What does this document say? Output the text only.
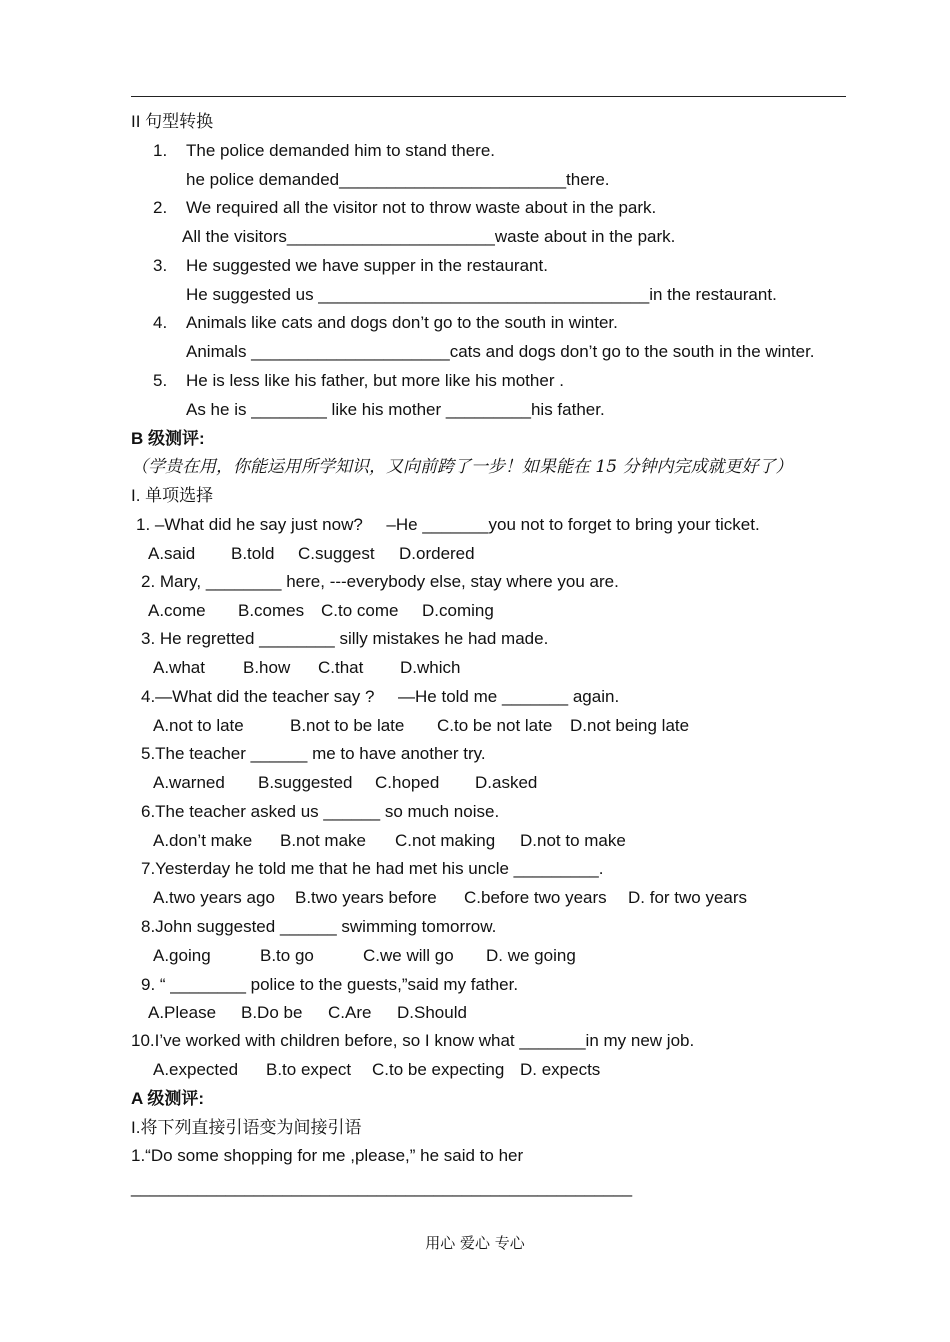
II 句型转换
1. The police demanded him to stand there.
he police demanded________________________there.
2. We required all the visitor not to throw waste about in the park.
All the visitors______________________waste about in the park.
3. He suggested we have supper in the restaurant.
He suggested us ___________________________________in the restaurant.
4. Animals like cats and dogs don’t go to the south in winter.
Animals _____________________cats and dogs don’t go to the south in the winter.
5. He is less like his father, but more like his mother .
As he is ________ like his mother _________his father.
B 级测评:
（学贵在用，你能运用所学知识，又向前跨了一步！如果能在 15 分钟内完成就更好了）
I. 单项选择
1. –What did he say just now?     –He _______you not to forget to bring your ticket.
A.said B.told C.suggest D.ordered
2. Mary, ________ here, ---everybody else, stay where you are.
A.come B.comes C.to come D.coming
3. He regretted ________ silly mistakes he had made.
A.what B.how C.that D.which
4.—What did the teacher say ?     —He told me _______ again.
A.not to late	B.not to be late C.to be not late D.not being late
5.The teacher ______ me to have another try.
A.warned B.suggested C.hoped D.asked
6.The teacher asked us ______ so much noise.
A.don’t make B.not make C.not making D.not to make
7.Yesterday he told me that he had met his uncle _________.
A.two years ago B.two years before C.before two years D. for two years
8.John suggested ______ swimming tomorrow.
A.going	B.to go	C.we will go D. we going
9. “ ________ police to the guests,”said my father.
A.Please B.Do be C.Are D.Should
10.I’ve worked with children before, so I know what _______in my new job.
A.expected B.to expect C.to be expecting D. expects
A 级测评:
I.将下列直接引语变为间接引语
1.“Do some shopping for me ,please,” he said to her
_____________________________________________________
用心 爱心 专心
